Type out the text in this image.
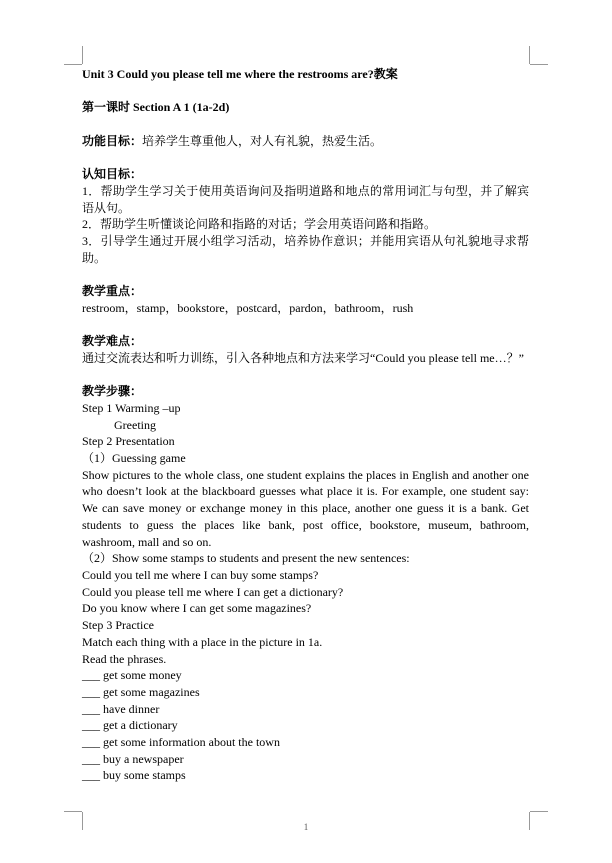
Unit 3 Could you please tell me where the restrooms are?教案

第一课时 Section A 1 (1a-2d)

功能目标：培养学生尊重他人，对人有礼貌，热爱生活。

认知目标：

1．帮助学生学习关于使用英语询问及指明道路和地点的常用词汇与句型，并了解宾语从句。

2．帮助学生听懂谈论问路和指路的对话；学会用英语问路和指路。

3．引导学生通过开展小组学习活动，培养协作意识；并能用宾语从句礼貌地寻求帮助。

教学重点：

restroom，stamp，bookstore，postcard，pardon，bathroom，rush

教学难点：

通过交流表达和听力训练，引入各种地点和方法来学习“Could you please tell me…？”

教学步骤：

Step 1 Warming –up

Greeting

Step 2 Presentation

（1）Guessing game

Show pictures to the whole class, one student explains the places in English and another one who doesn’t look at the blackboard guesses what place it is. For example, one student say: We can save money or exchange money in this place, another one guess it is a bank. Get students to guess the places like bank, post office, bookstore, museum, bathroom, washroom, mall and so on.

（2）Show some stamps to students and present the new sentences:

Could you tell me where I can buy some stamps?

Could you please tell me where I can get a dictionary?

Do you know where I can get some magazines?

Step 3 Practice

Match each thing with a place in the picture in 1a.

Read the phrases.

___ get some money

___ get some magazines

___ have dinner

___ get a dictionary

___ get some information about the town

___ buy a newspaper

___ buy some stamps

1
